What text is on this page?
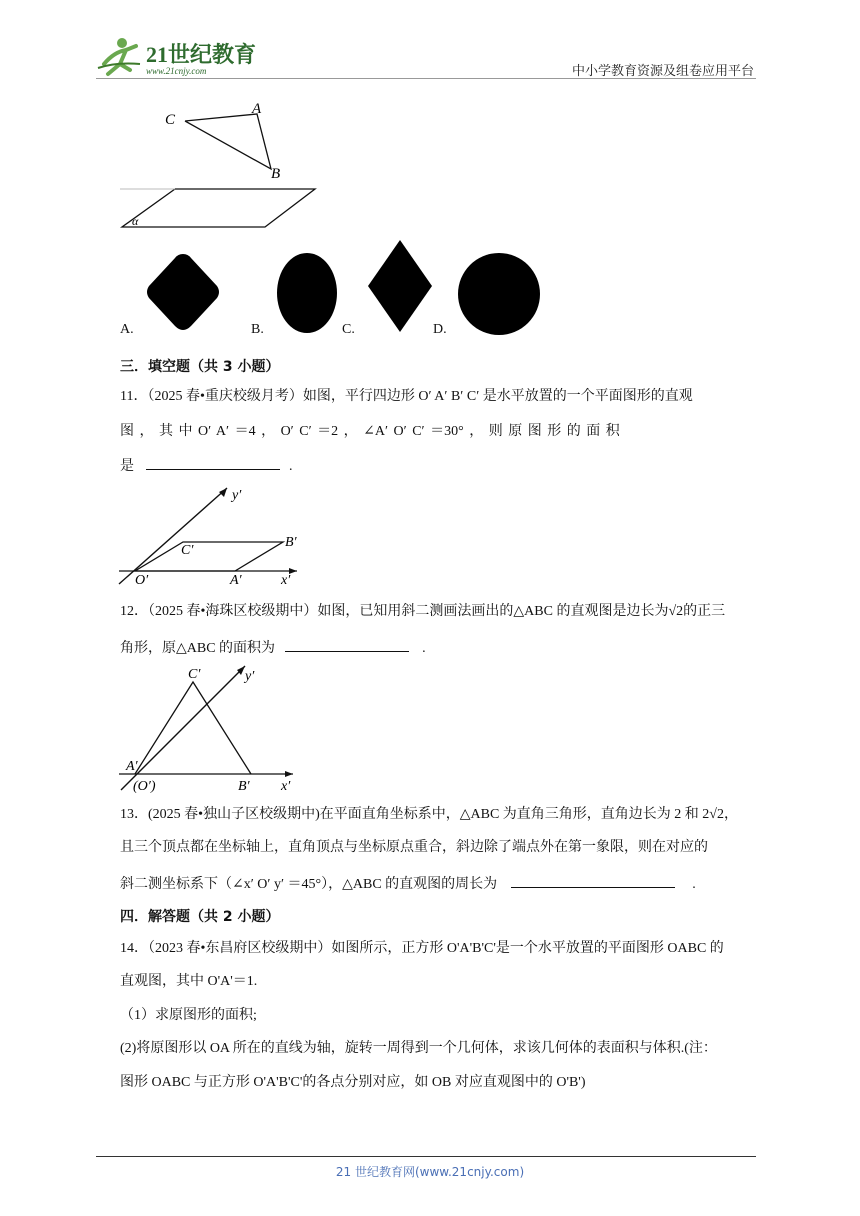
21世纪教育
www.21cnjy.com	中小学教育资源及组卷应用平台
C
A
B
α
A.	B.	C.	D.
三．填空题（共 3 小题）
11．（2025 春•重庆校级月考）如图，平行四边形 O′ A′ B′ C′ 是水平放置的一个平面图形的直观
图 ， 其 中 O′ A′ ＝4 ， O′ C′ ＝2 ， ∠A′ O′ C′ ＝30° ， 则 原 图 形 的 面 积
是	.
y′
C′
B′
O′	A′	x′
12．（2025 春•海珠区校级期中）如图，已知用斜二测画法画出的△ABC 的直观图是边长为√2的正三
角形，原△ABC 的面积为	.
C′	y′
A′
(O′)	B′ x′
13．(2025 春•独山子区校级期中)在平面直角坐标系中，△ABC 为直角三角形，直角边长为 2 和 2√2，
且三个顶点都在坐标轴上，直角顶点与坐标原点重合，斜边除了端点外在第一象限，则在对应的
斜二测坐标系下（∠x′ O′ y′ ＝45°），△ABC 的直观图的周长为	.
四．解答题（共 2 小题）
14．（2023 春•东昌府区校级期中）如图所示，正方形 O'A'B'C'是一个水平放置的平面图形 OABC 的
直观图，其中 O'A'＝1.
（1）求原图形的面积;
(2)将原图形以 OA 所在的直线为轴，旋转一周得到一个几何体，求该几何体的表面积与体积.(注：
图形 OABC 与正方形 O'A'B'C'的各点分别对应，如 OB 对应直观图中的 O'B')
21 世纪教育网(www.21cnjy.com)
